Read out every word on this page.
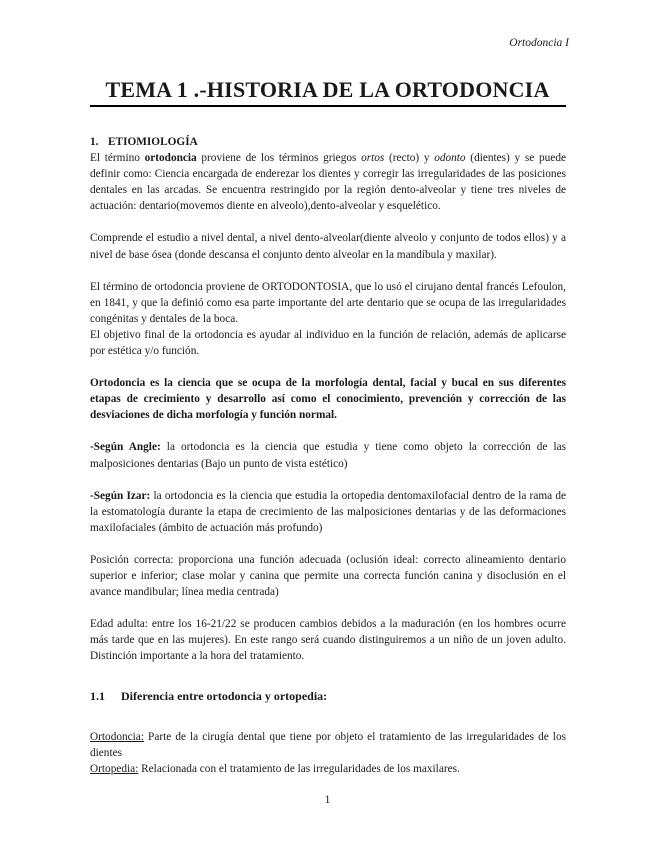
Ortodoncia I
TEMA 1 .-HISTORIA DE LA ORTODONCIA

1. ETIOMIOLOGÍA

El término ortodoncia proviene de los términos griegos ortos (recto) y odonto (dientes) y se puede definir como: Ciencia encargada de enderezar los dientes y corregir las irregularidades de las posiciones dentales en las arcadas. Se encuentra restringido por la región dento-alveolar y tiene tres niveles de actuación: dentario(movemos diente en alveolo),dento-alveolar y esquelético.

Comprende el estudio a nivel dental, a nivel dento-alveolar(diente alveolo y conjunto de todos ellos) y a nivel de base ósea (donde descansa el conjunto dento alveolar en la mandíbula y maxilar).

El término de ortodoncia proviene de ORTODONTOSIA, que lo usó el cirujano dental francés Lefoulon, en 1841, y que la definió como esa parte importante del arte dentario que se ocupa de las irregularidades congénitas y dentales de la boca.

El objetivo final de la ortodoncia es ayudar al individuo en la función de relación, además de aplicarse por estética y/o función.

Ortodoncia es la ciencia que se ocupa de la morfología dental, facial y bucal en sus diferentes etapas de crecimiento y desarrollo así como el conocimiento, prevención y corrección de las desviaciones de dicha morfología y función normal.

-Según Angle: la ortodoncia es la ciencia que estudia y tiene como objeto la corrección de las malposiciones dentarias (Bajo un punto de vista estético)

-Según Izar: la ortodoncia es la ciencia que estudia la ortopedia dentomaxilofacial dentro de la rama de la estomatología durante la etapa de crecimiento de las malposiciones dentarias y de las deformaciones maxilofaciales (ámbito de actuación más profundo)

Posición correcta: proporciona una función adecuada (oclusión ideal: correcto alineamiento dentario superior e inferior; clase molar y canina que permite una correcta función canina y disoclusión en el avance mandibular; línea media centrada)

Edad adulta: entre los 16-21/22 se producen cambios debidos a la maduración (en los hombres ocurre más tarde que en las mujeres). En este rango será cuando distinguiremos a un niño de un joven adulto. Distinción importante a la hora del tratamiento.

1.1 Diferencia entre ortodoncia y ortopedia:

Ortodoncia: Parte de la cirugía dental que tiene por objeto el tratamiento de las irregularidades de los dientes

Ortopedia: Relacionada con el tratamiento de las irregularidades de los maxilares.

1
